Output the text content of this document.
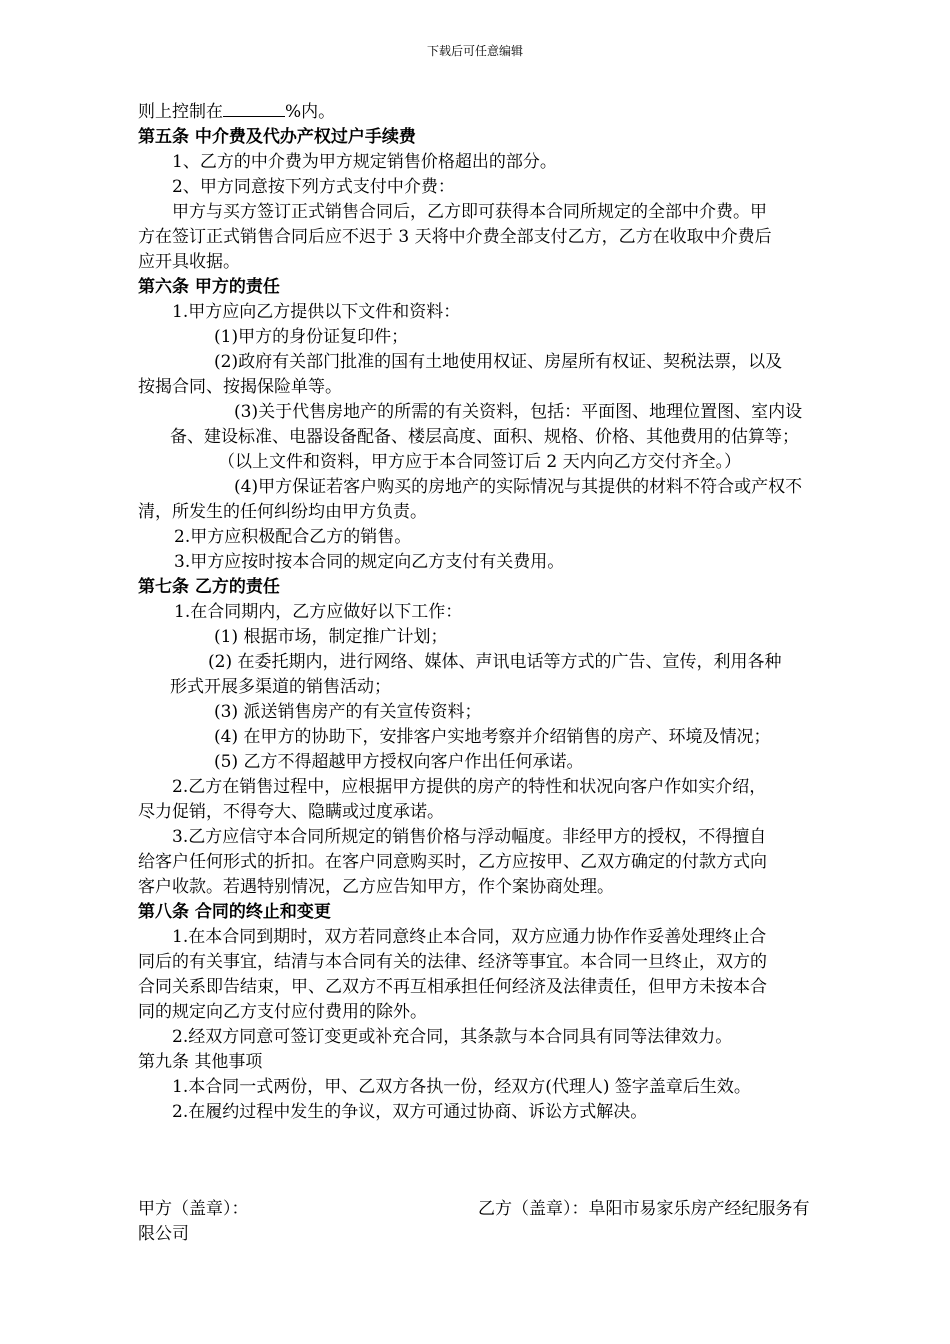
下载后可任意编辑
则上控制在	%内。
第五条 中介费及代办产权过户手续费
1、乙方的中介费为甲方规定销售价格超出的部分。
2、甲方同意按下列方式支付中介费：
甲方与买方签订正式销售合同后，乙方即可获得本合同所规定的全部中介费。甲
方在签订正式销售合同后应不迟于 3 天将中介费全部支付乙方，乙方在收取中介费后
应开具收据。
第六条 甲方的责任
1.甲方应向乙方提供以下文件和资料：
(1)甲方的身份证复印件；
(2)政府有关部门批准的国有土地使用权证、房屋所有权证、契税法票，以及
按揭合同、按揭保险单等。
(3)关于代售房地产的所需的有关资料，包括：平面图、地理位置图、室内设
备、建设标准、电器设备配备、楼层高度、面积、规格、价格、其他费用的估算等；
（以上文件和资料，甲方应于本合同签订后 2 天内向乙方交付齐全。）
(4)甲方保证若客户购买的房地产的实际情况与其提供的材料不符合或产权不
清，所发生的任何纠纷均由甲方负责。
2.甲方应积极配合乙方的销售。
3.甲方应按时按本合同的规定向乙方支付有关费用。
第七条 乙方的责任
1.在合同期内，乙方应做好以下工作：
(1) 根据市场，制定推广计划；
(2) 在委托期内，进行网络、媒体、声讯电话等方式的广告、宣传，利用各种
形式开展多渠道的销售活动；
(3) 派送销售房产的有关宣传资料；
(4) 在甲方的协助下，安排客户实地考察并介绍销售的房产、环境及情况；
(5) 乙方不得超越甲方授权向客户作出任何承诺。
2.乙方在销售过程中，应根据甲方提供的房产的特性和状况向客户作如实介绍，
尽力促销，不得夸大、隐瞒或过度承诺。
3.乙方应信守本合同所规定的销售价格与浮动幅度。非经甲方的授权，不得擅自
给客户任何形式的折扣。在客户同意购买时，乙方应按甲、乙双方确定的付款方式向
客户收款。若遇特别情况，乙方应告知甲方，作个案协商处理。
第八条 合同的终止和变更
1.在本合同到期时，双方若同意终止本合同，双方应通力协作作妥善处理终止合
同后的有关事宜，结清与本合同有关的法律、经济等事宜。本合同一旦终止，双方的
合同关系即告结束，甲、乙双方不再互相承担任何经济及法律责任，但甲方未按本合
同的规定向乙方支付应付费用的除外。
2.经双方同意可签订变更或补充合同，其条款与本合同具有同等法律效力。
第九条 其他事项
1.本合同一式两份，甲、乙双方各执一份，经双方(代理人) 签字盖章后生效。
2.在履约过程中发生的争议，双方可通过协商、诉讼方式解决。
甲方（盖章）：	乙方（盖章）：阜阳市易家乐房产经纪服务有
限公司
